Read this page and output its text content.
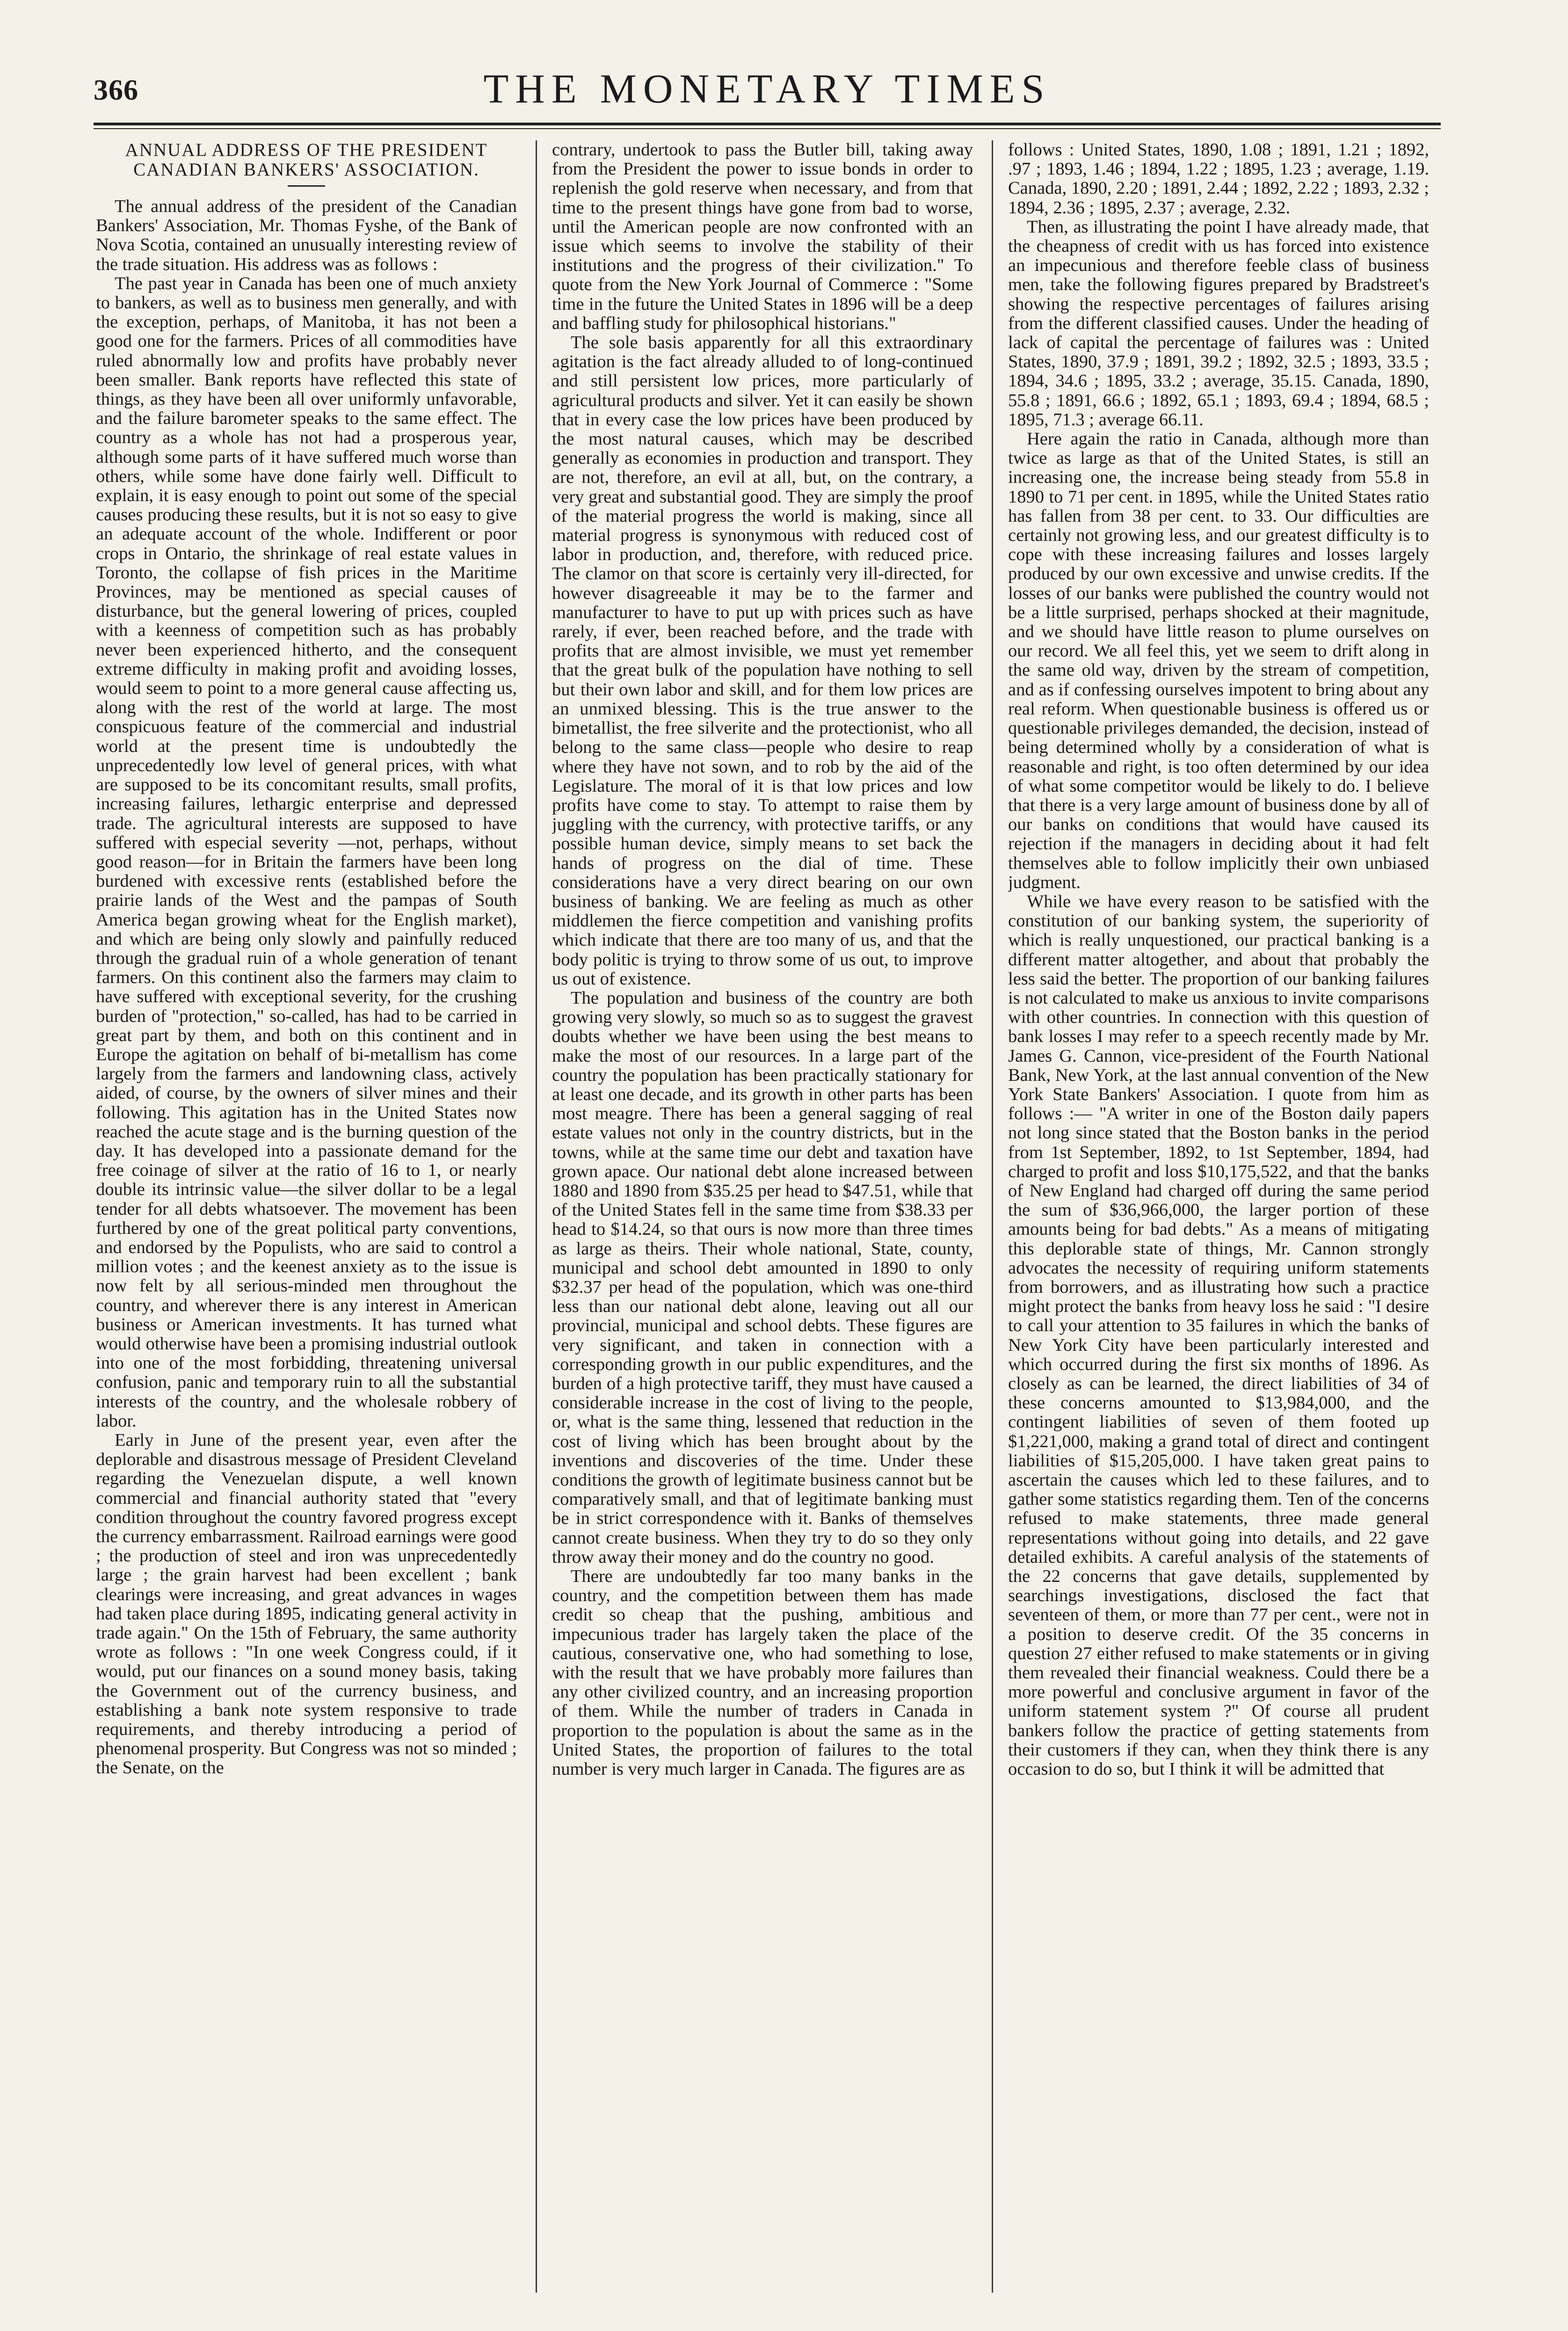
366	THE MONETARY TIMES
ANNUAL ADDRESS OF THE PRESIDENT CANADIAN BANKERS' ASSOCIATION.

The annual address of the president of the Canadian Bankers' Association, Mr. Thomas Fyshe, of the Bank of Nova Scotia, contained an unusually interesting review of the trade situation. His address was as follows :

The past year in Canada has been one of much anxiety to bankers, as well as to business men generally, and with the exception, perhaps, of Manitoba, it has not been a good one for the farmers. Prices of all commodities have ruled abnormally low and profits have probably never been smaller. Bank reports have reflected this state of things, as they have been all over uniformly unfavorable, and the failure barometer speaks to the same effect. The country as a whole has not had a prosperous year, although some parts of it have suffered much worse than others, while some have done fairly well. Difficult to explain, it is easy enough to point out some of the special causes producing these results, but it is not so easy to give an adequate account of the whole. Indifferent or poor crops in Ontario, the shrinkage of real estate values in Toronto, the collapse of fish prices in the Maritime Provinces, may be mentioned as special causes of disturbance, but the general lowering of prices, coupled with a keenness of competition such as has probably never been experienced hitherto, and the consequent extreme difficulty in making profit and avoiding losses, would seem to point to a more general cause affecting us, along with the rest of the world at large. The most conspicuous feature of the commercial and industrial world at the present time is undoubtedly the unprecedentedly low level of general prices, with what are supposed to be its concomitant results, small profits, increasing failures, lethargic enterprise and depressed trade. The agricultural interests are supposed to have suffered with especial severity —not, perhaps, without good reason—for in Britain the farmers have been long burdened with excessive rents (established before the prairie lands of the West and the pampas of South America began growing wheat for the English market), and which are being only slowly and painfully reduced through the gradual ruin of a whole generation of tenant farmers. On this continent also the farmers may claim to have suffered with exceptional severity, for the crushing burden of "protection," so-called, has had to be carried in great part by them, and both on this continent and in Europe the agitation on behalf of bi-metallism has come largely from the farmers and landowning class, actively aided, of course, by the owners of silver mines and their following. This agitation has in the United States now reached the acute stage and is the burning question of the day. It has developed into a passionate demand for the free coinage of silver at the ratio of 16 to 1, or nearly double its intrinsic value—the silver dollar to be a legal tender for all debts whatsoever. The movement has been furthered by one of the great political party conventions, and endorsed by the Populists, who are said to control a million votes ; and the keenest anxiety as to the issue is now felt by all serious-minded men throughout the country, and wherever there is any interest in American business or American investments. It has turned what would otherwise have been a promising industrial outlook into one of the most forbidding, threatening universal confusion, panic and temporary ruin to all the substantial interests of the country, and the wholesale robbery of labor.

Early in June of the present year, even after the deplorable and disastrous message of President Cleveland regarding the Venezuelan dispute, a well known commercial and financial authority stated that "every condition throughout the country favored progress except the currency embarrassment. Railroad earnings were good ; the production of steel and iron was unprecedentedly large ; the grain harvest had been excellent ; bank clearings were increasing, and great advances in wages had taken place during 1895, indicating general activity in trade again." On the 15th of February, the same authority wrote as follows : "In one week Congress could, if it would, put our finances on a sound money basis, taking the Government out of the currency business, and establishing a bank note system responsive to trade requirements, and thereby introducing a period of phenomenal prosperity. But Congress was not so minded ; the Senate, on the

contrary, undertook to pass the Butler bill, taking away from the President the power to issue bonds in order to replenish the gold reserve when necessary, and from that time to the present things have gone from bad to worse, until the American people are now confronted with an issue which seems to involve the stability of their institutions and the progress of their civilization." To quote from the New York Journal of Commerce : "Some time in the future the United States in 1896 will be a deep and baffling study for philosophical historians."

The sole basis apparently for all this extraordinary agitation is the fact already alluded to of long-continued and still persistent low prices, more particularly of agricultural products and silver. Yet it can easily be shown that in every case the low prices have been produced by the most natural causes, which may be described generally as economies in production and transport. They are not, therefore, an evil at all, but, on the contrary, a very great and substantial good. They are simply the proof of the material progress the world is making, since all material progress is synonymous with reduced cost of labor in production, and, therefore, with reduced price. The clamor on that score is certainly very ill-directed, for however disagreeable it may be to the farmer and manufacturer to have to put up with prices such as have rarely, if ever, been reached before, and the trade with profits that are almost invisible, we must yet remember that the great bulk of the population have nothing to sell but their own labor and skill, and for them low prices are an unmixed blessing. This is the true answer to the bimetallist, the free silverite and the protectionist, who all belong to the same class—people who desire to reap where they have not sown, and to rob by the aid of the Legislature. The moral of it is that low prices and low profits have come to stay. To attempt to raise them by juggling with the currency, with protective tariffs, or any possible human device, simply means to set back the hands of progress on the dial of time. These considerations have a very direct bearing on our own business of banking. We are feeling as much as other middlemen the fierce competition and vanishing profits which indicate that there are too many of us, and that the body politic is trying to throw some of us out, to improve us out of existence.

The population and business of the country are both growing very slowly, so much so as to suggest the gravest doubts whether we have been using the best means to make the most of our resources. In a large part of the country the population has been practically stationary for at least one decade, and its growth in other parts has been most meagre. There has been a general sagging of real estate values not only in the country districts, but in the towns, while at the same time our debt and taxation have grown apace. Our national debt alone increased between 1880 and 1890 from $35.25 per head to $47.51, while that of the United States fell in the same time from $38.33 per head to $14.24, so that ours is now more than three times as large as theirs. Their whole national, State, county, municipal and school debt amounted in 1890 to only $32.37 per head of the population, which was one-third less than our national debt alone, leaving out all our provincial, municipal and school debts. These figures are very significant, and taken in connection with a corresponding growth in our public expenditures, and the burden of a high protective tariff, they must have caused a considerable increase in the cost of living to the people, or, what is the same thing, lessened that reduction in the cost of living which has been brought about by the inventions and discoveries of the time. Under these conditions the growth of legitimate business cannot but be comparatively small, and that of legitimate banking must be in strict correspondence with it. Banks of themselves cannot create business. When they try to do so they only throw away their money and do the country no good.

There are undoubtedly far too many banks in the country, and the competition between them has made credit so cheap that the pushing, ambitious and impecunious trader has largely taken the place of the cautious, conservative one, who had something to lose, with the result that we have probably more failures than any other civilized country, and an increasing proportion of them. While the number of traders in Canada in proportion to the population is about the same as in the United States, the proportion of failures to the total number is very much larger in Canada. The figures are as

follows : United States, 1890, 1.08 ; 1891, 1.21 ; 1892, .97 ; 1893, 1.46 ; 1894, 1.22 ; 1895, 1.23 ; average, 1.19. Canada, 1890, 2.20 ; 1891, 2.44 ; 1892, 2.22 ; 1893, 2.32 ; 1894, 2.36 ; 1895, 2.37 ; average, 2.32.

Then, as illustrating the point I have already made, that the cheapness of credit with us has forced into existence an impecunious and therefore feeble class of business men, take the following figures prepared by Bradstreet's showing the respective percentages of failures arising from the different classified causes. Under the heading of lack of capital the percentage of failures was : United States, 1890, 37.9 ; 1891, 39.2 ; 1892, 32.5 ; 1893, 33.5 ; 1894, 34.6 ; 1895, 33.2 ; average, 35.15. Canada, 1890, 55.8 ; 1891, 66.6 ; 1892, 65.1 ; 1893, 69.4 ; 1894, 68.5 ; 1895, 71.3 ; average 66.11.

Here again the ratio in Canada, although more than twice as large as that of the United States, is still an increasing one, the increase being steady from 55.8 in 1890 to 71 per cent. in 1895, while the United States ratio has fallen from 38 per cent. to 33. Our difficulties are certainly not growing less, and our greatest difficulty is to cope with these increasing failures and losses largely produced by our own excessive and unwise credits. If the losses of our banks were published the country would not be a little surprised, perhaps shocked at their magnitude, and we should have little reason to plume ourselves on our record. We all feel this, yet we seem to drift along in the same old way, driven by the stream of competition, and as if confessing ourselves impotent to bring about any real reform. When questionable business is offered us or questionable privileges demanded, the decision, instead of being determined wholly by a consideration of what is reasonable and right, is too often determined by our idea of what some competitor would be likely to do. I believe that there is a very large amount of business done by all of our banks on conditions that would have caused its rejection if the managers in deciding about it had felt themselves able to follow implicitly their own unbiased judgment.

While we have every reason to be satisfied with the constitution of our banking system, the superiority of which is really unquestioned, our practical banking is a different matter altogether, and about that probably the less said the better. The proportion of our banking failures is not calculated to make us anxious to invite comparisons with other countries. In connection with this question of bank losses I may refer to a speech recently made by Mr. James G. Cannon, vice-president of the Fourth National Bank, New York, at the last annual convention of the New York State Bankers' Association. I quote from him as follows :— "A writer in one of the Boston daily papers not long since stated that the Boston banks in the period from 1st September, 1892, to 1st September, 1894, had charged to profit and loss $10,175,522, and that the banks of New England had charged off during the same period the sum of $36,966,000, the larger portion of these amounts being for bad debts." As a means of mitigating this deplorable state of things, Mr. Cannon strongly advocates the necessity of requiring uniform statements from borrowers, and as illustrating how such a practice might protect the banks from heavy loss he said : "I desire to call your attention to 35 failures in which the banks of New York City have been particularly interested and which occurred during the first six months of 1896. As closely as can be learned, the direct liabilities of 34 of these concerns amounted to $13,984,000, and the contingent liabilities of seven of them footed up $1,221,000, making a grand total of direct and contingent liabilities of $15,205,000. I have taken great pains to ascertain the causes which led to these failures, and to gather some statistics regarding them. Ten of the concerns refused to make statements, three made general representations without going into details, and 22 gave detailed exhibits. A careful analysis of the statements of the 22 concerns that gave details, supplemented by searchings investigations, disclosed the fact that seventeen of them, or more than 77 per cent., were not in a position to deserve credit. Of the 35 concerns in question 27 either refused to make statements or in giving them revealed their financial weakness. Could there be a more powerful and conclusive argument in favor of the uniform statement system ?" Of course all prudent bankers follow the practice of getting statements from their customers if they can, when they think there is any occasion to do so, but I think it will be admitted that
